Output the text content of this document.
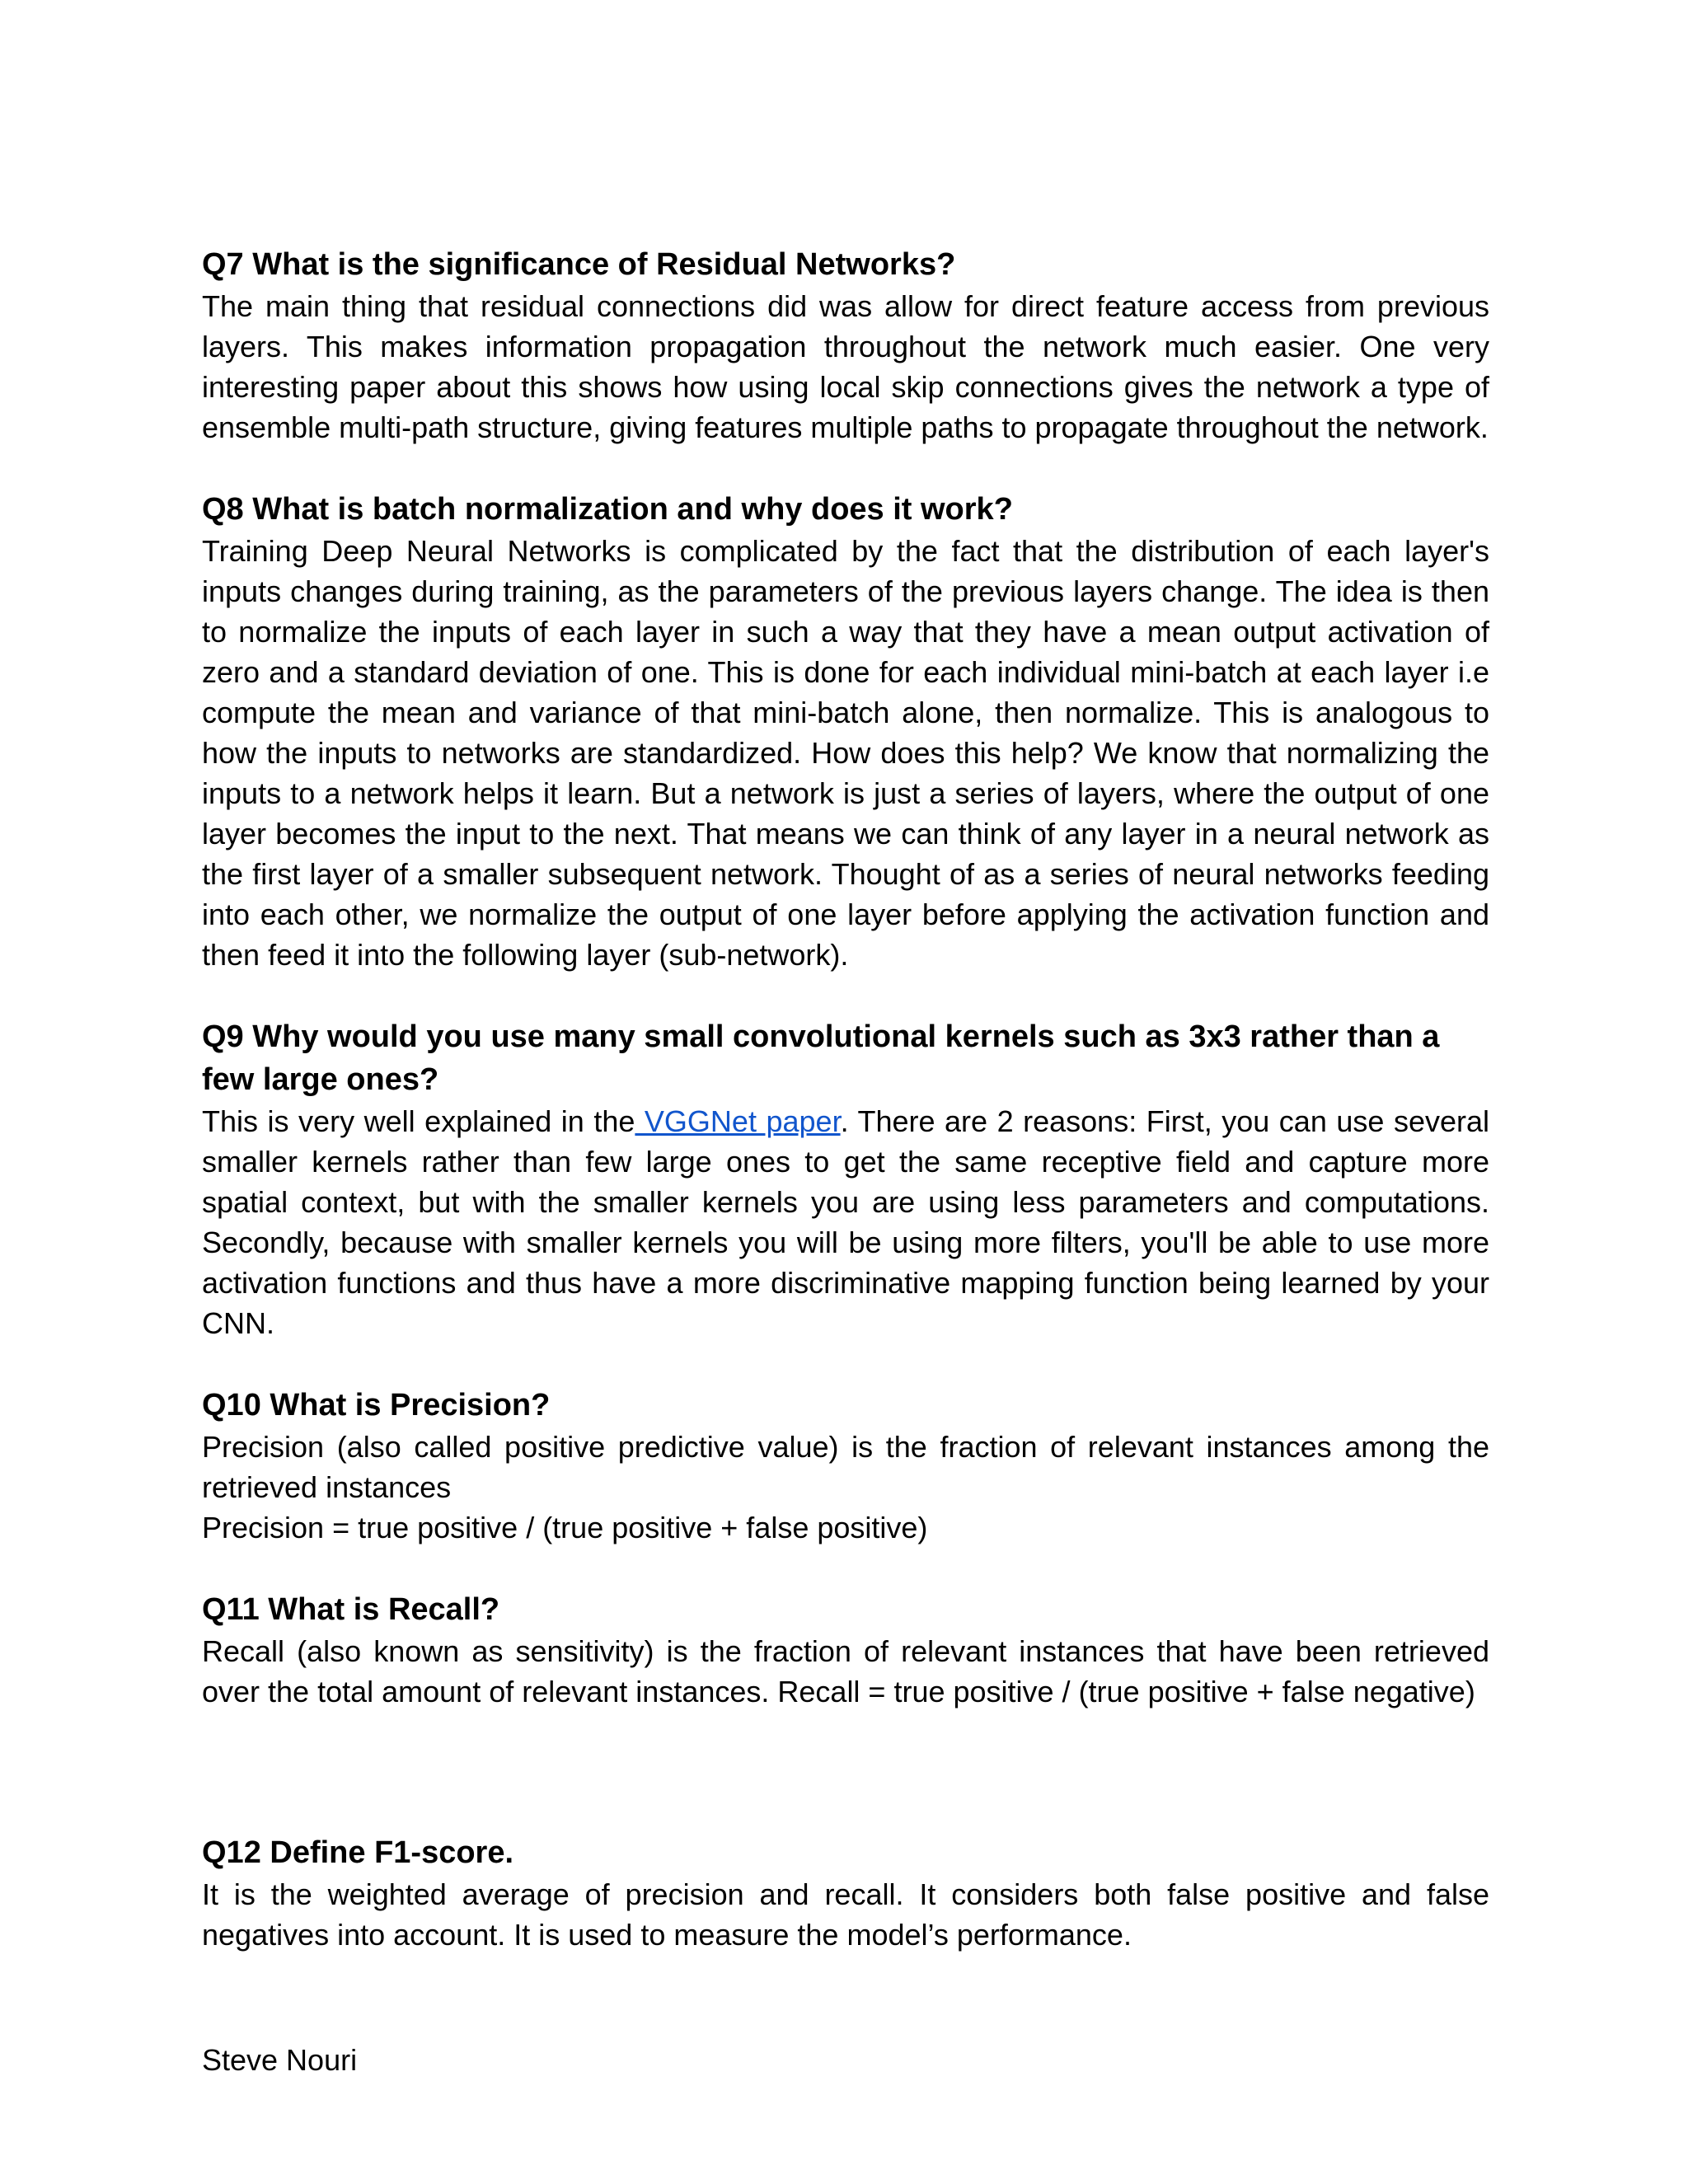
Q7 What is the significance of Residual Networks?

The main thing that residual connections did was allow for direct feature access from previous layers. This makes information propagation throughout the network much easier. One very interesting paper about this shows how using local skip connections gives the network a type of ensemble multi-path structure, giving features multiple paths to propagate throughout the network.

Q8 What is batch normalization and why does it work?

Training Deep Neural Networks is complicated by the fact that the distribution of each layer's inputs changes during training, as the parameters of the previous layers change. The idea is then to normalize the inputs of each layer in such a way that they have a mean output activation of zero and a standard deviation of one. This is done for each individual mini-batch at each layer i.e compute the mean and variance of that mini-batch alone, then normalize. This is analogous to how the inputs to networks are standardized. How does this help? We know that normalizing the inputs to a network helps it learn. But a network is just a series of layers, where the output of one layer becomes the input to the next. That means we can think of any layer in a neural network as the first layer of a smaller subsequent network. Thought of as a series of neural networks feeding into each other, we normalize the output of one layer before applying the activation function and then feed it into the following layer (sub-network).

Q9 Why would you use many small convolutional kernels such as 3x3 rather than a few large ones?

This is very well explained in the VGGNet paper. There are 2 reasons: First, you can use several smaller kernels rather than few large ones to get the same receptive field and capture more spatial context, but with the smaller kernels you are using less parameters and computations. Secondly, because with smaller kernels you will be using more filters, you'll be able to use more activation functions and thus have a more discriminative mapping function being learned by your CNN.

Q10 What is Precision?

Precision (also called positive predictive value) is the fraction of relevant instances among the retrieved instances

Precision = true positive / (true positive + false positive)

Q11 What is Recall?

Recall (also known as sensitivity) is the fraction of relevant instances that have been retrieved over the total amount of relevant instances. Recall = true positive / (true positive + false negative)

Q12 Define F1-score.

It is the weighted average of precision and recall. It considers both false positive and false negatives into account. It is used to measure the model’s performance.

Steve Nouri
